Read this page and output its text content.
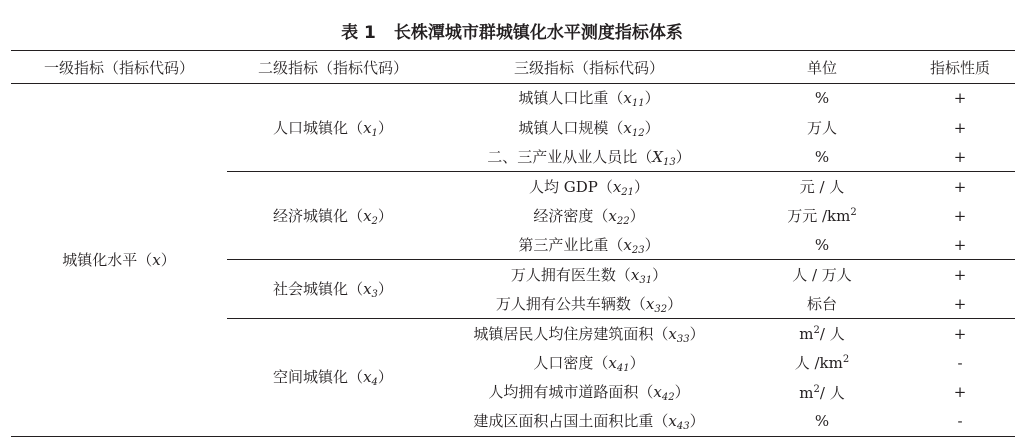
表 1 长株潭城市群城镇化水平测度指标体系
一级指标（指标代码）	二级指标（指标代码）	三级指标（指标代码）	单位	指标性质
城镇化水平（x）	人口城镇化$(x_1)$	城镇人口比重$(x_{11})$	%	+
		城镇人口规模$(x_{12})$	万人	+
		二、三产业从业人员比$(X_{13})$	%	+
	经济城镇化$(x_2)$	人均 $GDP(x_{21})$	元 / 人	+
		经济密度$(x_{22})$	万元 $/km^2$	+
		第三产业比重$(x_{23})$	%	+
	社会城镇化$(x_3)$	万人拥有医生数$(x_{31})$	人 / 万人	+
		万人拥有公共车辆数$(x_{32})$	标台	+
	空间城镇化$(x_4)$	城镇居民人均住房建筑面积$(x_{33})$	$m^2/$ 人	+
		人口密度$(x_{41})$	人 $/km^2$	-
		人均拥有城市道路面积$(x_{42})$	$m^2/$ 人	+
		建成区面积占国土面积比重$(x_{43})$	%	-
